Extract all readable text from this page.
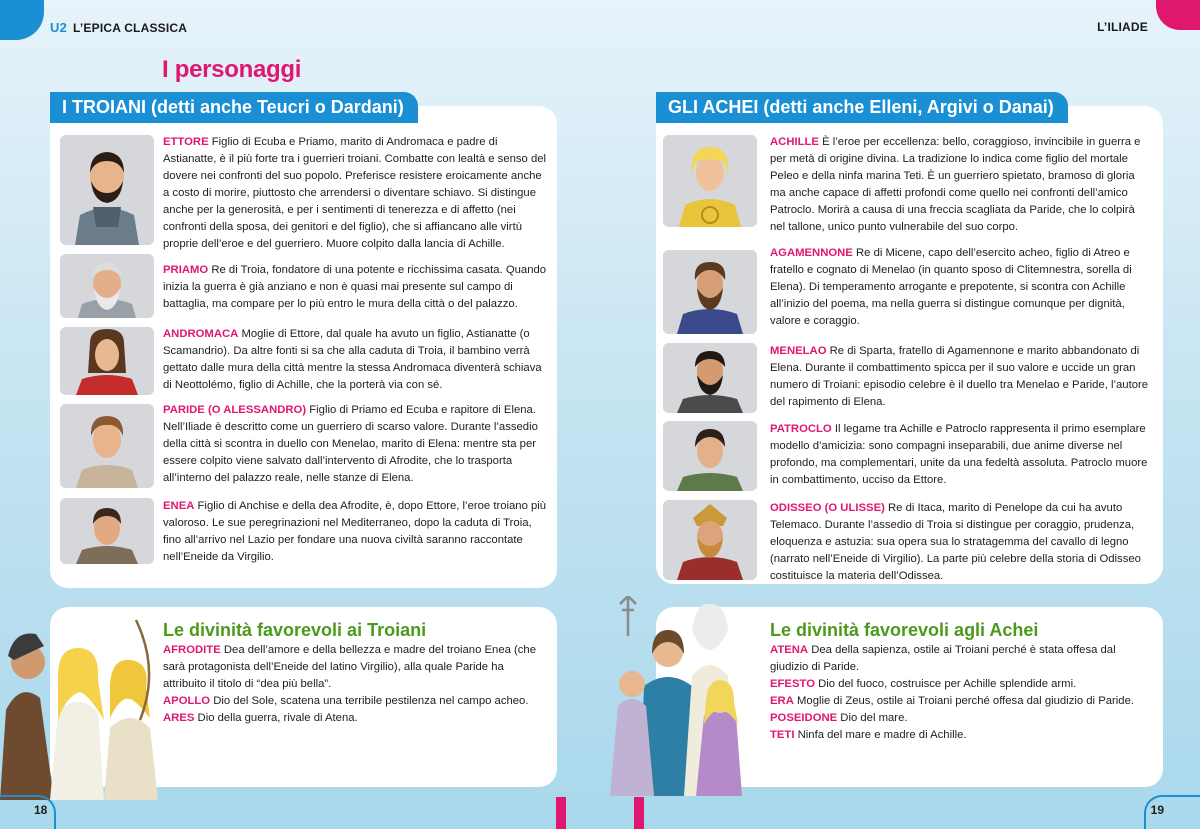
U2 L’EPICA CLASSICA
I personaggi
I TROIANI (detti anche Teucri o Dardani)
ETTORE Figlio di Ecuba e Priamo, marito di Andromaca e padre di Astianatte, è il più forte tra i guerrieri troiani. Combatte con lealtà e senso del dovere nei confronti del suo popolo. Preferisce resistere eroicamente anche a costo di morire, piuttosto che arrendersi o diventare schiavo. Si distingue anche per la generosità, e per i sentimenti di tenerezza e di affetto (nei confronti della sposa, dei genitori e del figlio), che si affiancano alle virtù proprie dell’eroe e del guerriero. Muore colpito dalla lancia di Achille.
PRIAMO Re di Troia, fondatore di una potente e ricchissima casata. Quando inizia la guerra è già anziano e non è quasi mai presente sul campo di battaglia, ma compare per lo più entro le mura della città o del palazzo.
ANDROMACA Moglie di Ettore, dal quale ha avuto un figlio, Astianatte (o Scamandrio). Da altre fonti si sa che alla caduta di Troia, il bambino verrà gettato dalle mura della città mentre la stessa Andromaca diventerà schiava di Neottolémo, figlio di Achille, che la porterà via con sé.
PARIDE (O ALESSANDRO) Figlio di Priamo ed Ecuba e rapitore di Elena. Nell’Iliade è descritto come un guerriero di scarso valore. Durante l’assedio della città si scontra in duello con Menelao, marito di Elena: mentre sta per essere colpito viene salvato dall’intervento di Afrodite, che lo trasporta all’interno del palazzo reale, nelle stanze di Elena.
ENEA Figlio di Anchise e della dea Afrodite, è, dopo Ettore, l’eroe troiano più valoroso. Le sue peregrinazioni nel Mediterraneo, dopo la caduta di Troia, fino all’arrivo nel Lazio per fondare una nuova civiltà saranno raccontate nell’Eneide da Virgilio.
Le divinità favorevoli ai Troiani
AFRODITE Dea dell’amore e della bellezza e madre del troiano Enea (che sarà protagonista dell’Eneide del latino Virgilio), alla quale Paride ha attribuito il titolo di “dea più bella”.
APOLLO Dio del Sole, scatena una terribile pestilenza nel campo acheo.
ARES Dio della guerra, rivale di Atena.
18
L’ILIADE
GLI ACHEI (detti anche Elleni, Argivi o Danai)
ACHILLE È l’eroe per eccellenza: bello, coraggioso, invincibile in guerra e per metà di origine divina. La tradizione lo indica come figlio del mortale Peleo e della ninfa marina Teti. È un guerriero spietato, bramoso di gloria ma anche capace di affetti profondi come quello nei confronti dell’amico Patroclo. Morirà a causa di una freccia scagliata da Paride, che lo colpirà nel tallone, unico punto vulnerabile del suo corpo.
AGAMENNONE Re di Micene, capo dell’esercito acheo, figlio di Atreo e fratello e cognato di Menelao (in quanto sposo di Clitemnestra, sorella di Elena). Di temperamento arrogante e prepotente, si scontra con Achille all’inizio del poema, ma nella guerra si distingue comunque per dignità, valore e coraggio.
MENELAO Re di Sparta, fratello di Agamennone e marito abbandonato di Elena. Durante il combattimento spicca per il suo valore e uccide un gran numero di Troiani: episodio celebre è il duello tra Menelao e Paride, l’autore del rapimento di Elena.
PATROCLO Il legame tra Achille e Patroclo rappresenta il primo esemplare modello d’amicizia: sono compagni inseparabili, due anime diverse nel profondo, ma complementari, unite da una fedeltà assoluta. Patroclo muore in combattimento, ucciso da Ettore.
ODISSEO (O ULISSE) Re di Itaca, marito di Penelope da cui ha avuto Telemaco. Durante l’assedio di Troia si distingue per coraggio, prudenza, eloquenza e astuzia: sua opera sua lo stratagemma del cavallo di legno (narrato nell’Eneide di Virgilio). La parte più celebre della storia di Odisseo costituisce la materia dell’Odissea.
Le divinità favorevoli agli Achei
ATENA Dea della sapienza, ostile ai Troiani perché è stata offesa dal giudizio di Paride.
EFESTO Dio del fuoco, costruisce per Achille splendide armi.
ERA Moglie di Zeus, ostile ai Troiani perché offesa dal giudizio di Paride.
POSEIDONE Dio del mare.
TETI Ninfa del mare e madre di Achille.
19
